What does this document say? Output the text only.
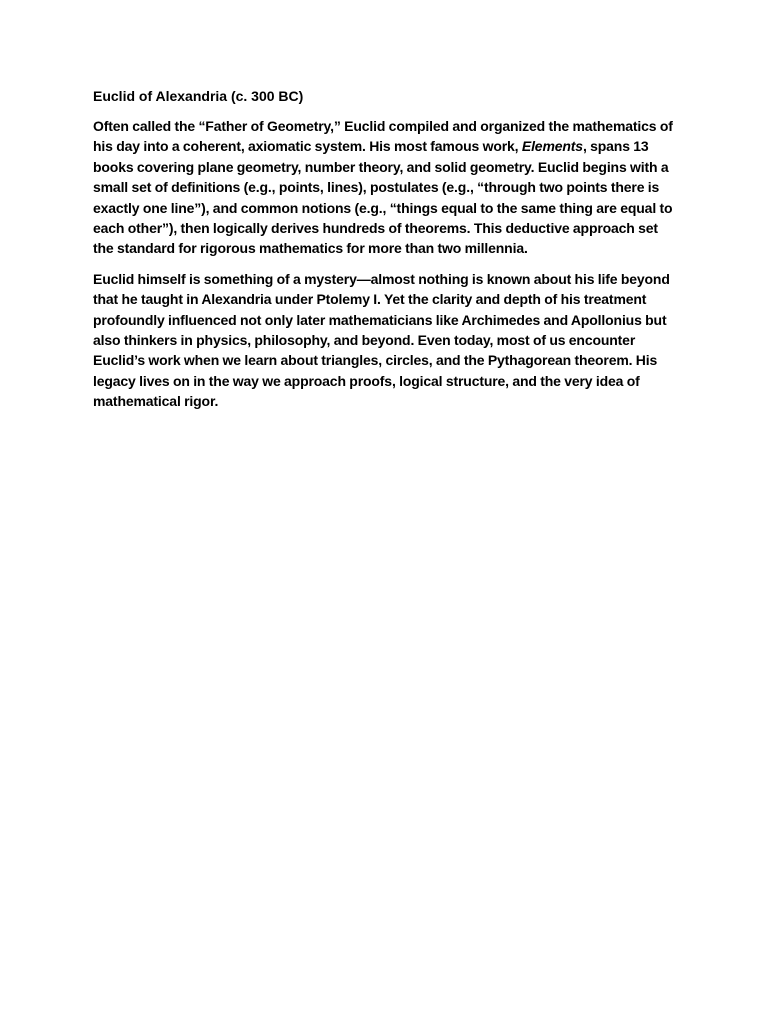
Euclid of Alexandria (c. 300 BC)

Often called the “Father of Geometry,” Euclid compiled and organized the mathematics of his day into a coherent, axiomatic system. His most famous work, Elements, spans 13 books covering plane geometry, number theory, and solid geometry. Euclid begins with a small set of definitions (e.g., points, lines), postulates (e.g., “through two points there is exactly one line”), and common notions (e.g., “things equal to the same thing are equal to each other”), then logically derives hundreds of theorems. This deductive approach set the standard for rigorous mathematics for more than two millennia.

Euclid himself is something of a mystery—almost nothing is known about his life beyond that he taught in Alexandria under Ptolemy I. Yet the clarity and depth of his treatment profoundly influenced not only later mathematicians like Archimedes and Apollonius but also thinkers in physics, philosophy, and beyond. Even today, most of us encounter Euclid’s work when we learn about triangles, circles, and the Pythagorean theorem. His legacy lives on in the way we approach proofs, logical structure, and the very idea of mathematical rigor.
